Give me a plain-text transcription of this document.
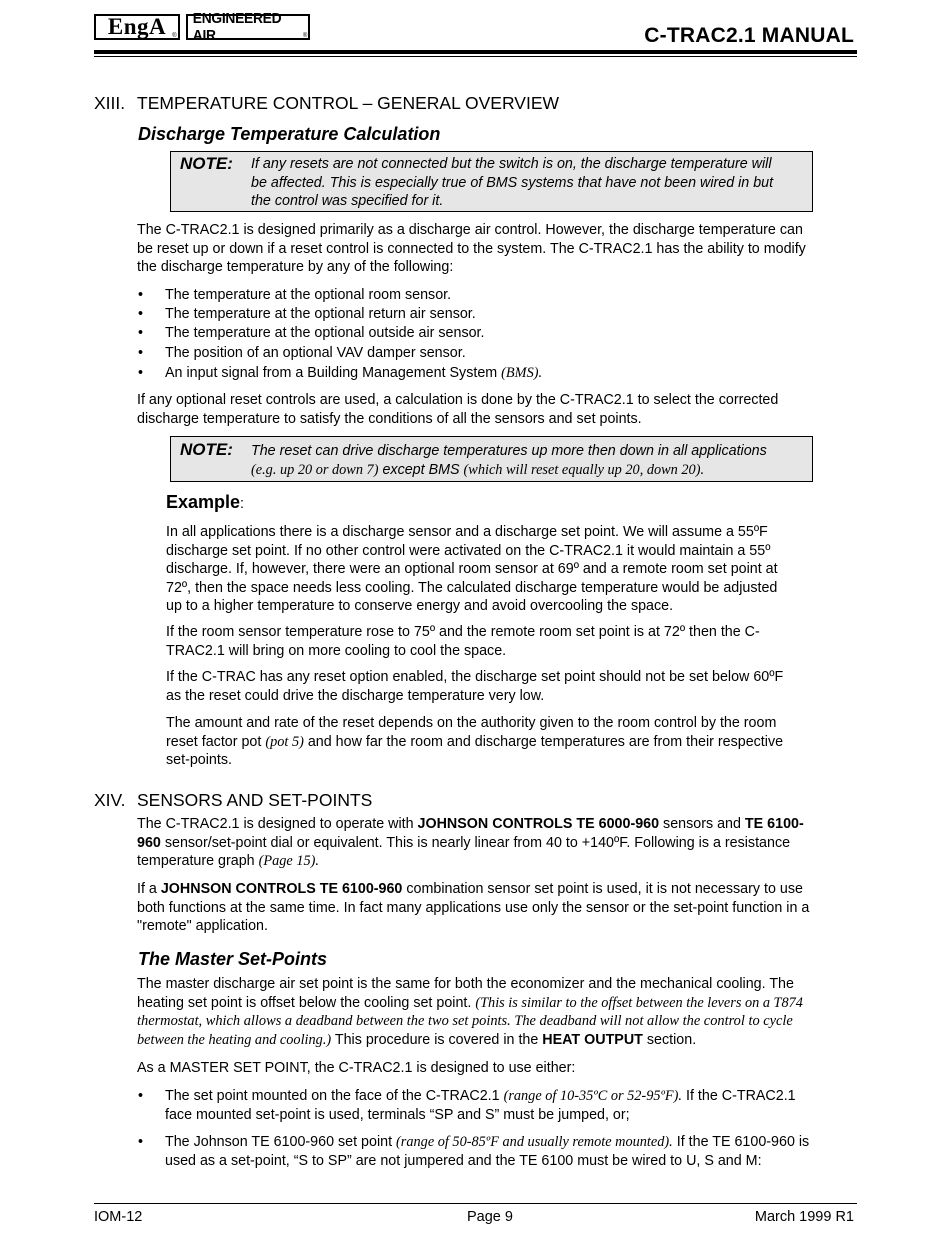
EngA ®
ENGINEERED AIR	®	C-TRAC2.1 MANUAL
XIII. TEMPERATURE CONTROL – GENERAL OVERVIEW
Discharge Temperature Calculation
NOTE: If any resets are not connected but the switch is on, the discharge temperature will
be affected. This is especially true of BMS systems that have not been wired in but
the control was specified for it.
The C-TRAC2.1 is designed primarily as a discharge air control. However, the discharge temperature can
be reset up or down if a reset control is connected to the system. The C-TRAC2.1 has the ability to modify
the discharge temperature by any of the following:
• The temperature at the optional room sensor.
• The temperature at the optional return air sensor.
• The temperature at the optional outside air sensor.
• The position of an optional VAV damper sensor.
• An input signal from a Building Management System (BMS).
If any optional reset controls are used, a calculation is done by the C-TRAC2.1 to select the corrected
discharge temperature to satisfy the conditions of all the sensors and set points.
NOTE: The reset can drive discharge temperatures up more then down in all applications
(e.g. up 20 or down 7) except BMS (which will reset equally up 20, down 20).
Example:
In all applications there is a discharge sensor and a discharge set point. We will assume a 55ºF
discharge set point. If no other control were activated on the C-TRAC2.1 it would maintain a 55º
discharge. If, however, there were an optional room sensor at 69º and a remote room set point at
72º, then the space needs less cooling. The calculated discharge temperature would be adjusted
up to a higher temperature to conserve energy and avoid overcooling the space.
If the room sensor temperature rose to 75º and the remote room set point is at 72º then the C-
TRAC2.1 will bring on more cooling to cool the space.
If the C-TRAC has any reset option enabled, the discharge set point should not be set below 60ºF
as the reset could drive the discharge temperature very low.
The amount and rate of the reset depends on the authority given to the room control by the room
reset factor pot (pot 5) and how far the room and discharge temperatures are from their respective
set-points.
XIV. SENSORS AND SET-POINTS
The C-TRAC2.1 is designed to operate with JOHNSON CONTROLS TE 6000-960 sensors and TE 6100-
960 sensor/set-point dial or equivalent. This is nearly linear from 40 to +140ºF. Following is a resistance
temperature graph (Page 15).
If a JOHNSON CONTROLS TE 6100-960 combination sensor set point is used, it is not necessary to use
both functions at the same time. In fact many applications use only the sensor or the set-point function in a
"remote" application.
The Master Set-Points
The master discharge air set point is the same for both the economizer and the mechanical cooling. The
heating set point is offset below the cooling set point. (This is similar to the offset between the levers on a T874
thermostat, which allows a deadband between the two set points. The deadband will not allow the control to cycle
between the heating and cooling.) This procedure is covered in the HEAT OUTPUT section.
As a MASTER SET POINT, the C-TRAC2.1 is designed to use either:
• The set point mounted on the face of the C-TRAC2.1 (range of 10-35ºC or 52-95ºF). If the C-TRAC2.1
face mounted set-point is used, terminals “SP and S” must be jumped, or;
• The Johnson TE 6100-960 set point (range of 50-85ºF and usually remote mounted). If the TE 6100-960 is
used as a set-point, “S to SP” are not jumpered and the TE 6100 must be wired to U, S and M:
IOM-12	Page 9	March 1999 R1
